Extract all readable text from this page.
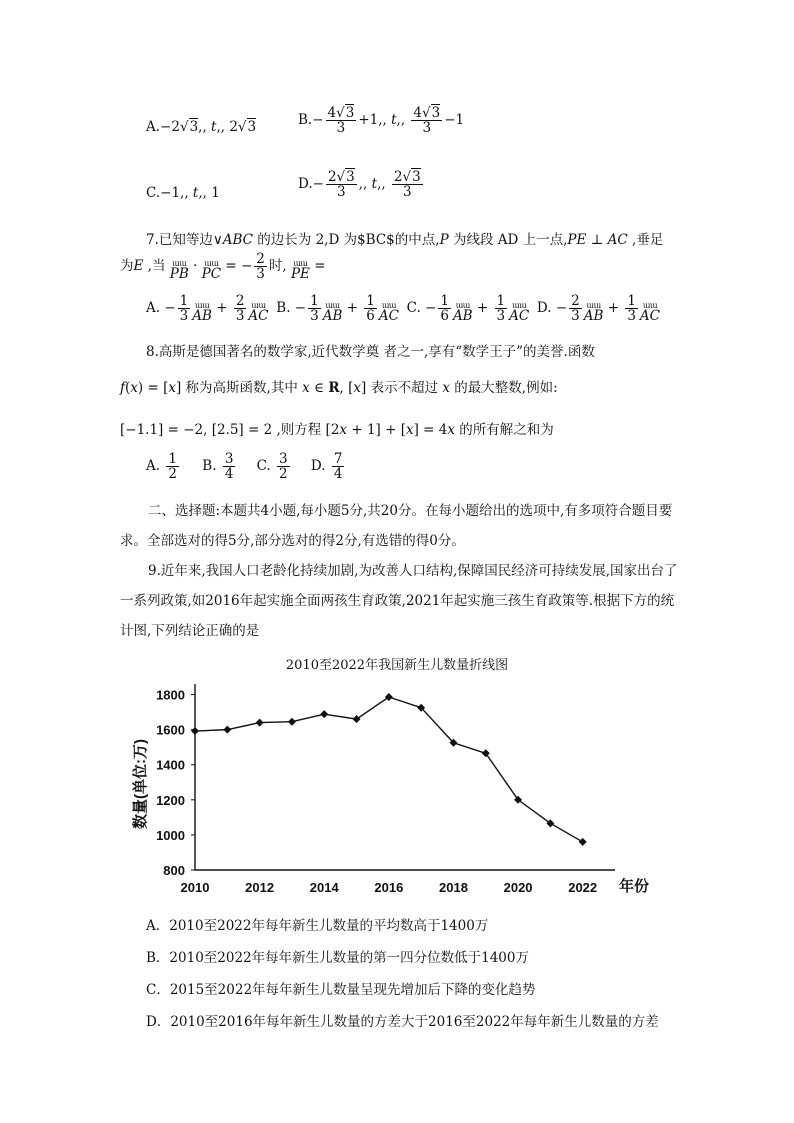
A.−2√3,, t,, 2√3	$B.- \frac{4√3}{3} +1$,, t,, $\frac{4√3}{3} -1$
C.−1,, t,, 1
$D.- \frac{2√3}{3}$ ,, t,, $\frac{2√3}{3}$
7.已知等边∨ABC 的边长为 2,D 为$BC$的中点,P 为线段 AD 上一点,PE ⊥ AC ,垂足
为E ,当 ɯɯ
PB · ɯɯ
PC = − $\frac{2}{3}$ 时, ɯɯ
PE =
A. − $\frac{1}{3}$ ɯɯ
AB + $\frac{2}{3}$ ɯɯ
AC B. − $\frac{1}{3}$ ɯɯ
AB + $\frac{1}{6}$ ɯɯ
AC C. − $\frac{1}{6}$ ɯɯ
AB + $\frac{1}{3}$ ɯɯ
AC D. − $\frac{2}{3}$ ɯɯ
AB + $\frac{1}{3}$ ɯɯ
AC
8.高斯是德国著名的数学家,近代数学奠 者之一,享有“数学王子”的美誉.函数
f(x) = [x] 称为高斯函数,其中 x ∈ R, [x] 表示不超过 x 的最大整数,例如:
[−1.1] = −2, [2.5] = 2 ,则方程 [2x + 1] + [x] = 4x 的所有解之和为
A. $\frac{1}{2} B$. $\frac{3}{4} C$. $\frac{3}{2} D$. $\frac{7}{4}$
二、选择题:本题共4小题,每小题5分,共20分。在每小题给出的选项中,有多项符合题目要求。全部选对的得5分,部分选对的得2分,有选错的得0分。
9.近年来,我国人口老龄化持续加剧,为改善人口结构,保障国民经济可持续发展,国家出台了一系列政策,如2016年起实施全面两孩生育政策,2021年起实施三孩生育政策等.根据下方的统计图,下列结论正确的是
2010至2022年我国新生儿数量折线图
800
1000
1200
1400
1600
1800
2010	2012	2014	2016	2018	2020	2022 年份
数量(单位:万)
A．2010至2022年每年新生儿数量的平均数高于1400万
B．2010至2022年每年新生儿数量的第一四分位数低于1400万
C．2015至2022年每年新生儿数量呈现先增加后下降的变化趋势
D．2010至2016年每年新生儿数量的方差大于2016至2022年每年新生儿数量的方差
